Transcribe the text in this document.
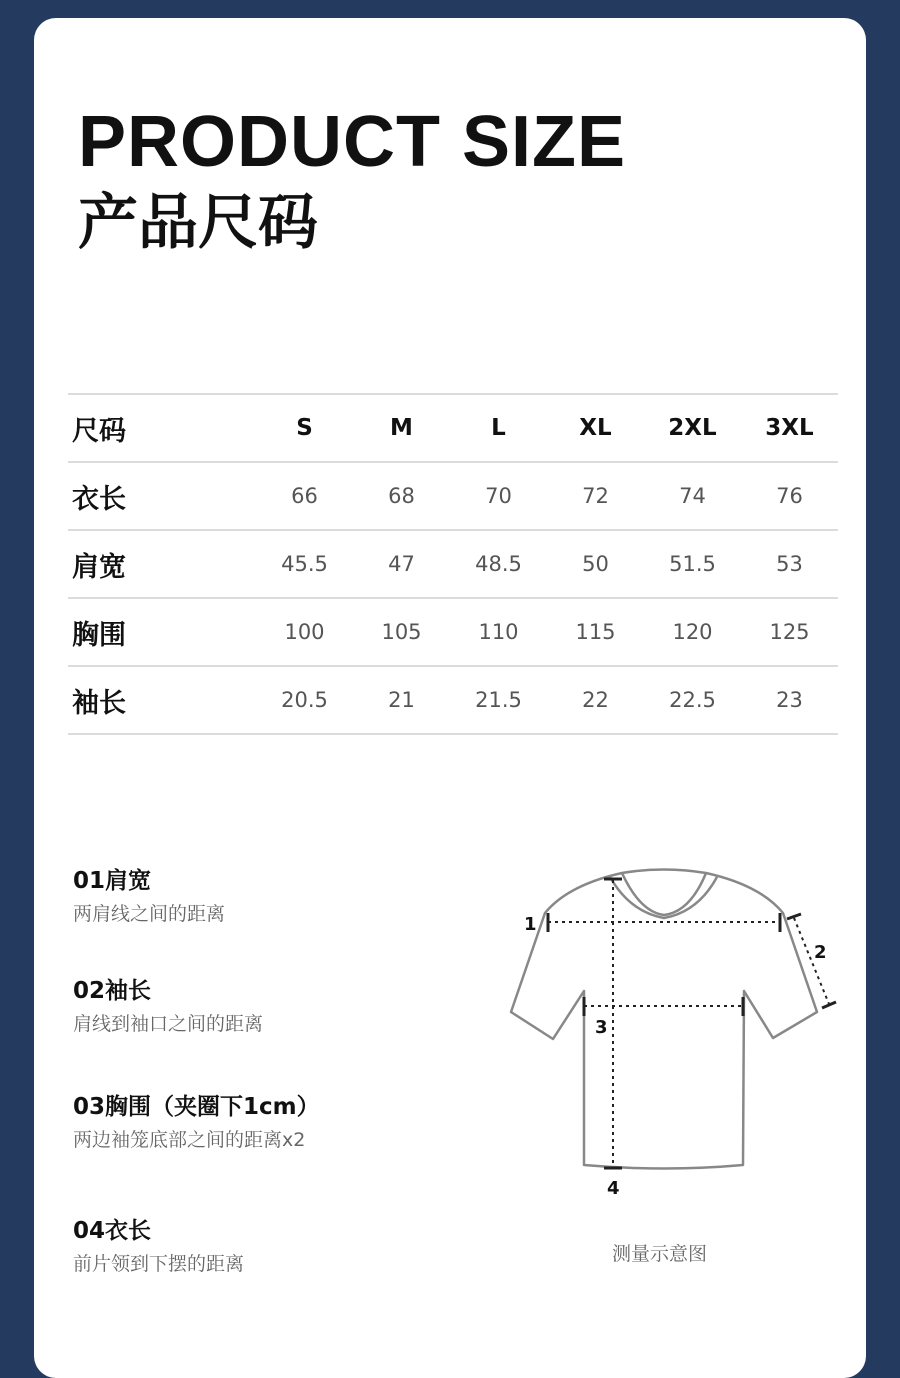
PRODUCT SIZE
产品尺码
尺码	S	M	L	XL	2XL	3XL
衣长	66	68	70	72	74	76
肩宽	45.5	47	48.5	50	51.5	53
胸围	100	105	110	115	120	125
袖长	20.5	21	21.5	22	22.5	23
01肩宽
两肩线之间的距离
02袖长
肩线到袖口之间的距离
03胸围（夹圈下1cm）
两边袖笼底部之间的距离x2
04衣长
前片领到下摆的距离	测量示意图
1
2
3
4
